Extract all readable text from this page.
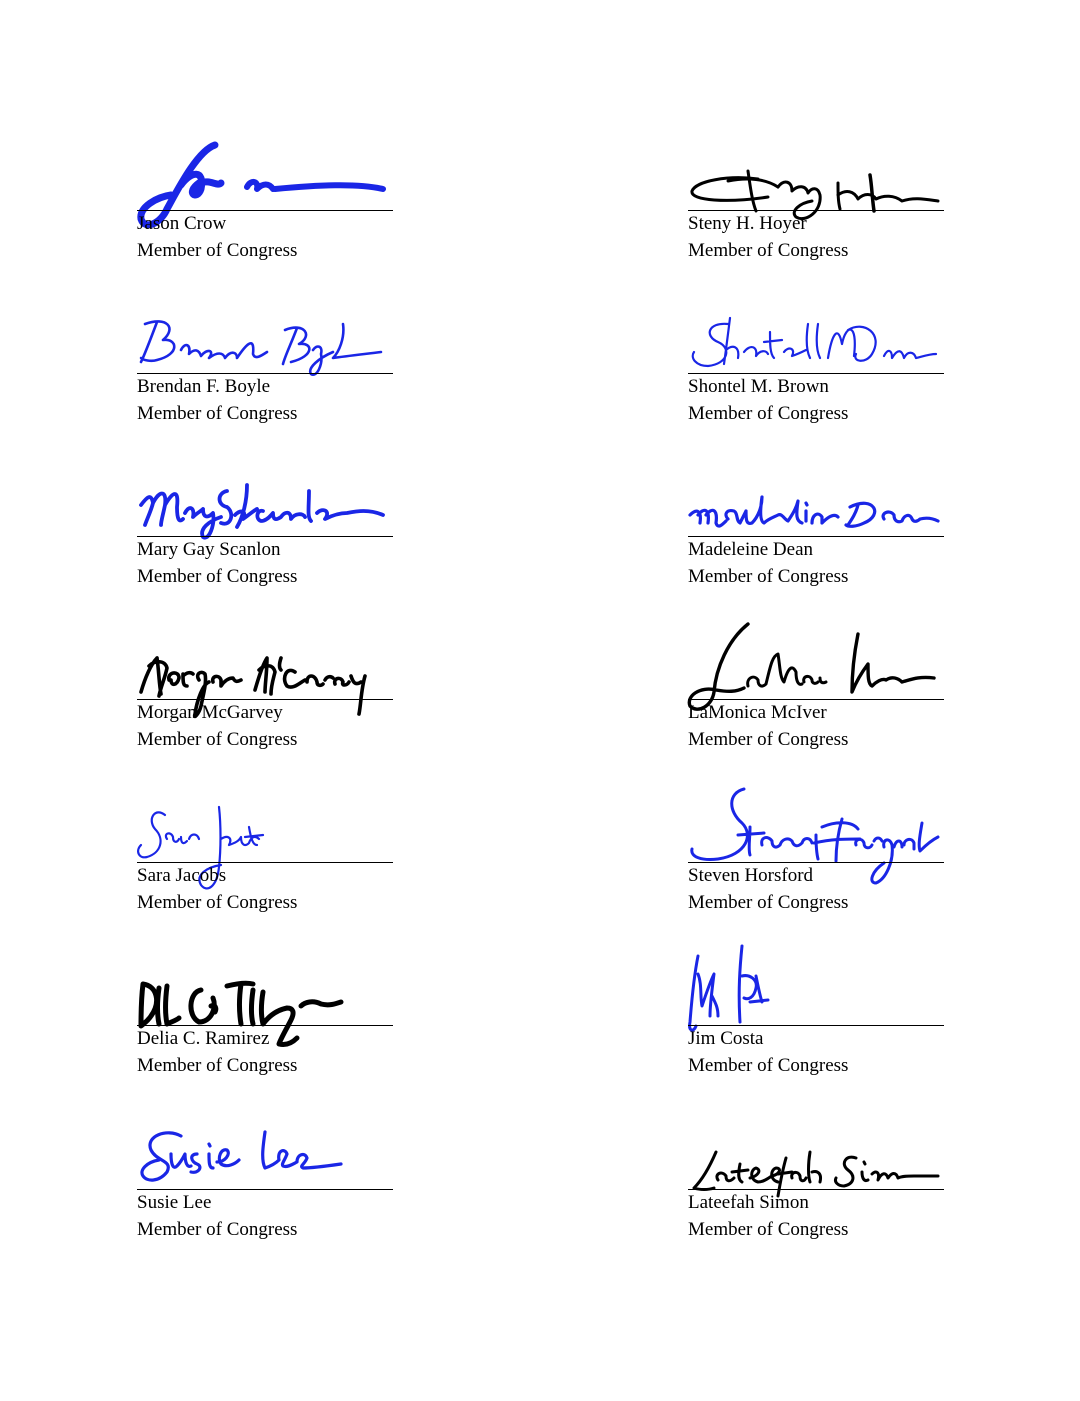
Jason Crow
Member of Congress
Steny H. Hoyer
Member of Congress
Brendan F. Boyle
Member of Congress
Shontel M. Brown
Member of Congress
Mary Gay Scanlon
Member of Congress
Madeleine Dean
Member of Congress
Morgan McGarvey
Member of Congress
LaMonica McIver
Member of Congress
Sara Jacobs
Member of Congress
Steven Horsford
Member of Congress
Delia C. Ramirez
Member of Congress
Jim Costa
Member of Congress
Susie Lee
Member of Congress
Lateefah Simon
Member of Congress
